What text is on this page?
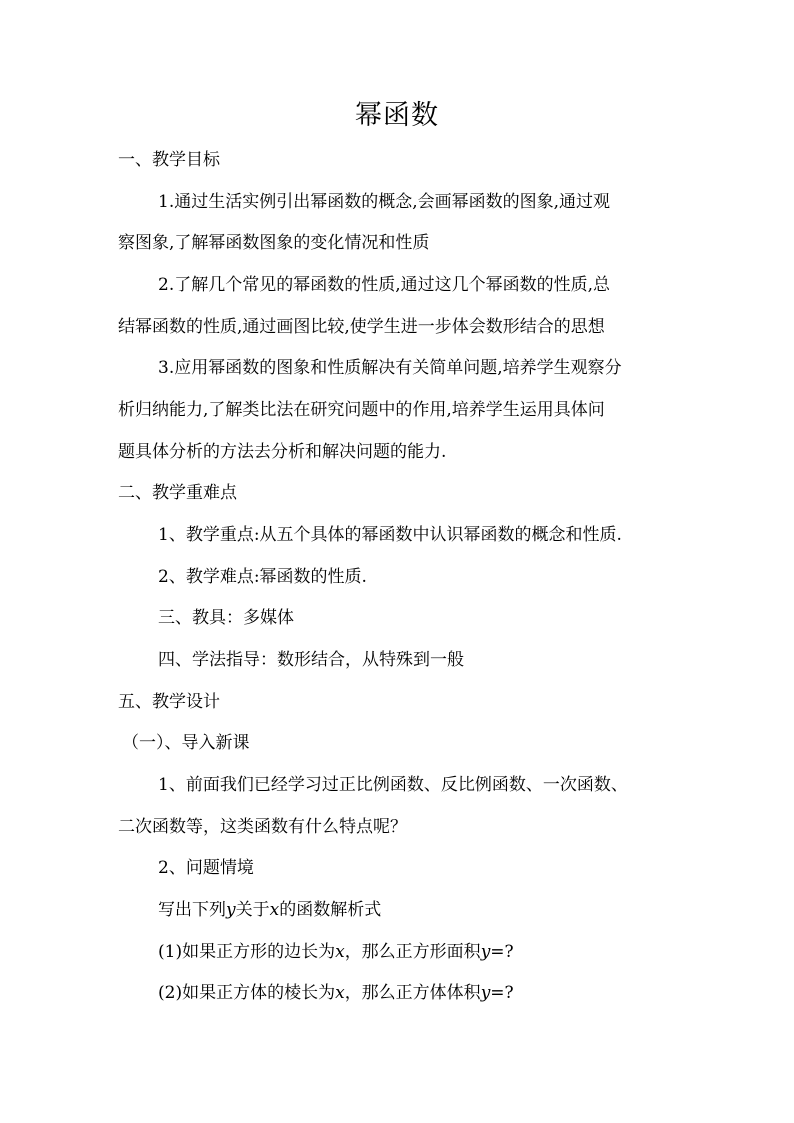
幂函数
一、教学目标
1.通过生活实例引出幂函数的概念,会画幂函数的图象,通过观
察图象,了解幂函数图象的变化情况和性质
2.了解几个常见的幂函数的性质,通过这几个幂函数的性质,总
结幂函数的性质,通过画图比较,使学生进一步体会数形结合的思想
3.应用幂函数的图象和性质解决有关简单问题,培养学生观察分
析归纳能力,了解类比法在研究问题中的作用,培养学生运用具体问
题具体分析的方法去分析和解决问题的能力.
二、教学重难点
1、教学重点:从五个具体的幂函数中认识幂函数的概念和性质.
2、教学难点:幂函数的性质.
三、教具：多媒体
四、学法指导：数形结合，从特殊到一般
五、教学设计
（一）、导入新课
1、前面我们已经学习过正比例函数、反比例函数、一次函数、
二次函数等，这类函数有什么特点呢？
2、问题情境
写出下列y关于x的函数解析式
(1)如果正方形的边长为x，那么正方形面积y=?
(2)如果正方体的棱长为x，那么正方体体积y=?
